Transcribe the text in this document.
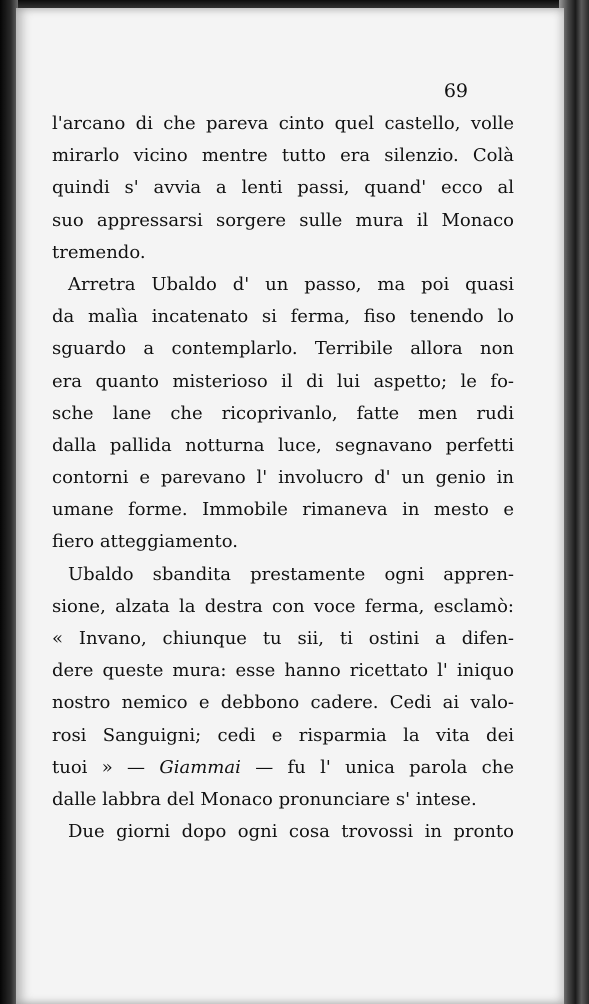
69
l'arcano di che pareva cinto quel castello, volle
mirarlo vicino mentre tutto era silenzio. Colà
quindi s' avvia a lenti passi, quand' ecco al
suo appressarsi sorgere sulle mura il Monaco
tremendo.
Arretra Ubaldo d' un passo, ma poi quasi
da malìa incatenato si ferma, fiso tenendo lo
sguardo a contemplarlo. Terribile allora non
era quanto misterioso il di lui aspetto; le fo-
sche lane che ricoprivanlo, fatte men rudi
dalla pallida notturna luce, segnavano perfetti
contorni e parevano l' involucro d' un genio in
umane forme. Immobile rimaneva in mesto e
fiero atteggiamento.
Ubaldo sbandita prestamente ogni appren-
sione, alzata la destra con voce ferma, esclamò:
« Invano, chiunque tu sii, ti ostini a difen-
dere queste mura: esse hanno ricettato l' iniquo
nostro nemico e debbono cadere. Cedi ai valo-
rosi Sanguigni; cedi e risparmia la vita dei
tuoi » — Giammai — fu l' unica parola che
dalle labbra del Monaco pronunciare s' intese.
Due giorni dopo ogni cosa trovossi in pronto
